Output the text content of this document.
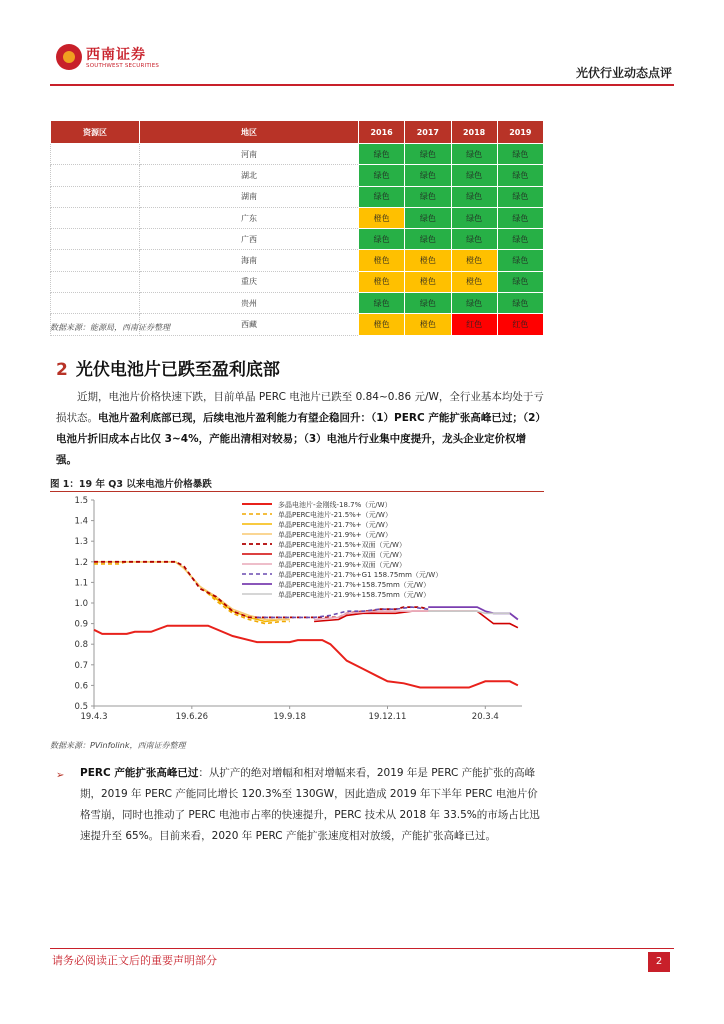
西南证券
SOUTHWEST SECURITIES	光伏行业动态点评
资源区	地区	2016	2017	2018	2019
	河南	绿色	绿色	绿色	绿色
	湖北	绿色	绿色	绿色	绿色
	湖南	绿色	绿色	绿色	绿色
	广东	橙色	绿色	绿色	绿色
	广西	绿色	绿色	绿色	绿色
	海南	橙色	橙色	橙色	绿色
	重庆	橙色	橙色	橙色	绿色
	贵州	绿色	绿色	绿色	绿色
	西藏	橙色	橙色	红色	红色
数据来源：能源局，西南证券整理
2 光伏电池片已跌至盈利底部
近期，电池片价格快速下跌，目前单晶 PERC 电池片已跌至 0.84~0.86 元/W，全行业基本均处于亏损状态。电池片盈利底部已现，后续电池片盈利能力有望企稳回升：（1）PERC 产能扩张高峰已过；（2）电池片折旧成本占比仅 3~4%，产能出清相对较易；（3）电池片行业集中度提升，龙头企业定价权增强。
图 1：19 年 Q3 以来电池片价格暴跌
0.5
0.6
0.7
0.8
0.9
1.0
1.1
1.2
1.3
1.4
1.5
19.4.3	19.6.26	19.9.18	19.12.11	20.3.4
多晶电池片-金刚线-18.7%（元/W）
单晶PERC电池片-21.5%+（元/W）
单晶PERC电池片-21.7%+（元/W）
单晶PERC电池片-21.9%+（元/W）
单晶PERC电池片-21.5%+双面（元/W）
单晶PERC电池片-21.7%+双面（元/W）
单晶PERC电池片-21.9%+双面（元/W）
单晶PERC电池片-21.7%+G1 158.75mm（元/W）
单晶PERC电池片-21.7%+158.75mm（元/W）
单晶PERC电池片-21.9%+158.75mm（元/W）
数据来源：PVinfolink，西南证券整理
➢ PERC 产能扩张高峰已过：从扩产的绝对增幅和相对增幅来看，2019 年是 PERC 产能扩张的高峰期，2019 年 PERC 产能同比增长 120.3%至 130GW，因此造成 2019 年下半年 PERC 电池片价格雪崩，同时也推动了 PERC 电池市占率的快速提升，PERC 技术从 2018 年 33.5%的市场占比迅速提升至 65%。目前来看，2020 年 PERC 产能扩张速度相对放缓，产能扩张高峰已过。
请务必阅读正文后的重要声明部分	2
